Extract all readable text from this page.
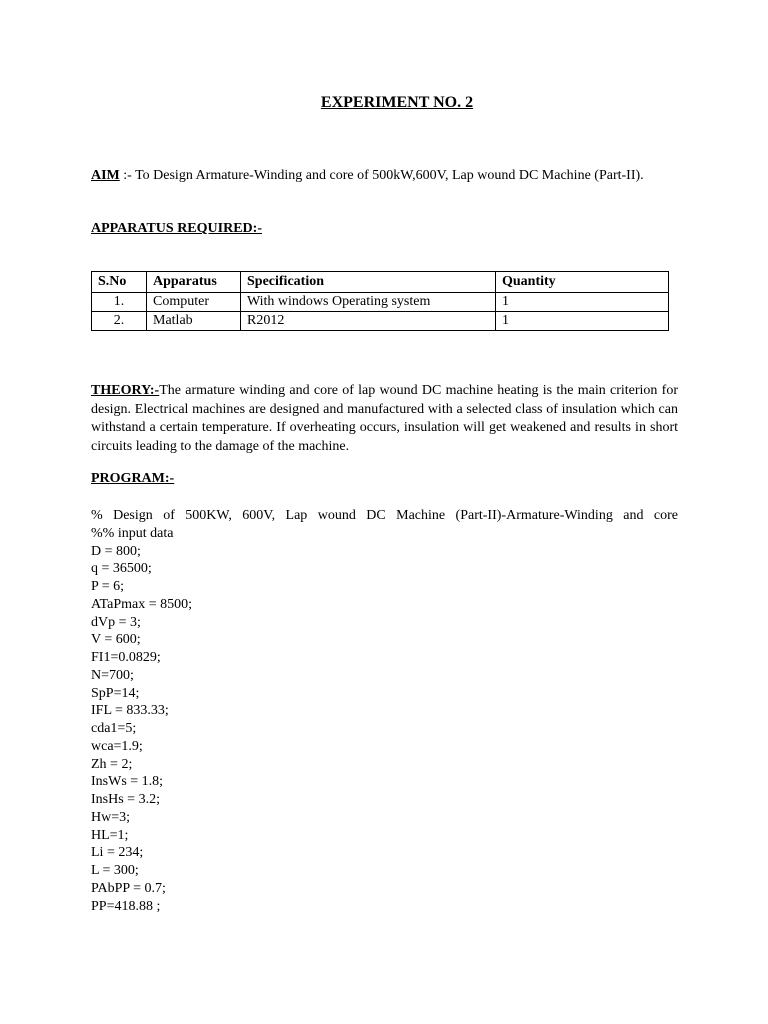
EXPERIMENT NO. 2
AIM :- To Design Armature-Winding and core of 500kW,600V, Lap wound DC Machine (Part-II).
APPARATUS REQUIRED:-
S.No	Apparatus	Specification	Quantity
1.	Computer	With windows Operating system	1
2.	Matlab	R2012	1
THEORY:-The armature winding and core of lap wound DC machine heating is the main criterion for design. Electrical machines are designed and manufactured with a selected class of insulation which can withstand a certain temperature. If overheating occurs, insulation will get weakened and results in short circuits leading to the damage of the machine.
PROGRAM:-
% Design of 500KW, 600V, Lap wound DC Machine (Part-II)-Armature-Winding and core
%% input data
D = 800;
q = 36500;
P = 6;
ATaPmax = 8500;
dVp = 3;
V = 600;
FI1=0.0829;
N=700;
SpP=14;
IFL = 833.33;
cda1=5;
wca=1.9;
Zh = 2;
InsWs = 1.8;
InsHs = 3.2;
Hw=3;
HL=1;
Li = 234;
L = 300;
PAbPP = 0.7;
PP=418.88 ;
